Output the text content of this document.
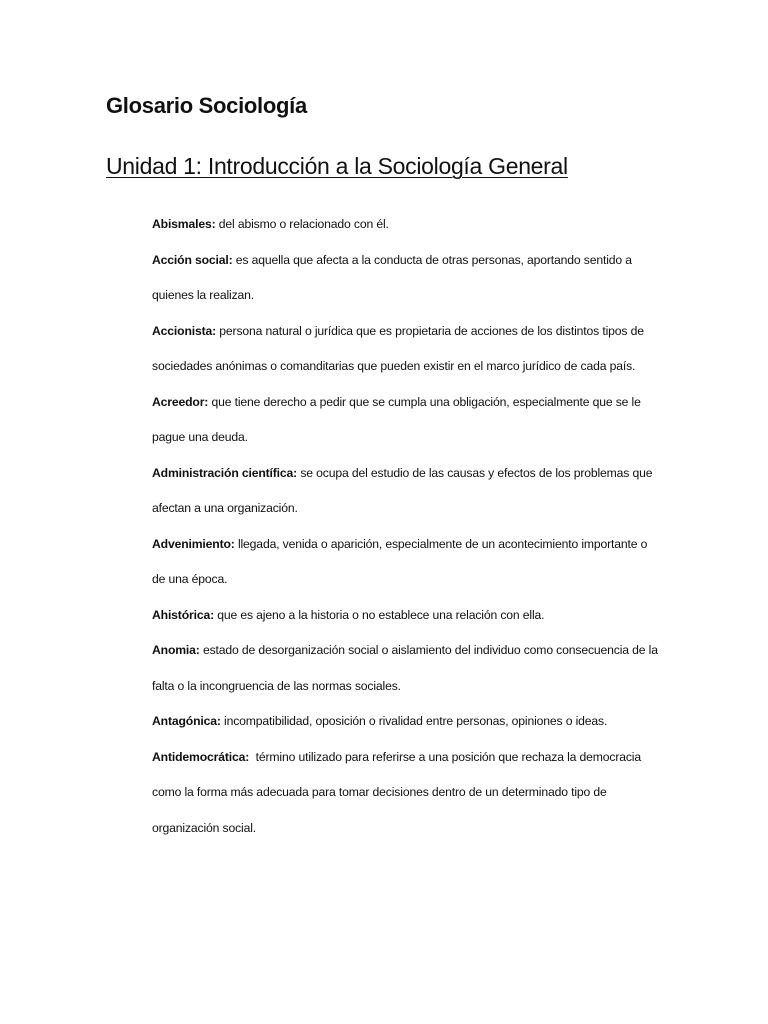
Glosario Sociología
Unidad 1: Introducción a la Sociología General
Abismales: del abismo o relacionado con él.
Acción social: es aquella que afecta a la conducta de otras personas, aportando sentido a quienes la realizan.
Accionista: persona natural o jurídica que es propietaria de acciones de los distintos tipos de sociedades anónimas o comanditarias que pueden existir en el marco jurídico de cada país.
Acreedor: que tiene derecho a pedir que se cumpla una obligación, especialmente que se le pague una deuda.
Administración científica: se ocupa del estudio de las causas y efectos de los problemas que afectan a una organización.
Advenimiento: llegada, venida o aparición, especialmente de un acontecimiento importante o de una época.
Ahistórica: que es ajeno a la historia o no establece una relación con ella.
Anomia: estado de desorganización social o aislamiento del individuo como consecuencia de la falta o la incongruencia de las normas sociales.
Antagónica: incompatibilidad, oposición o rivalidad entre personas, opiniones o ideas.
Antidemocrática:  término utilizado para referirse a una posición que rechaza la democracia como la forma más adecuada para tomar decisiones dentro de un determinado tipo de organización social.
